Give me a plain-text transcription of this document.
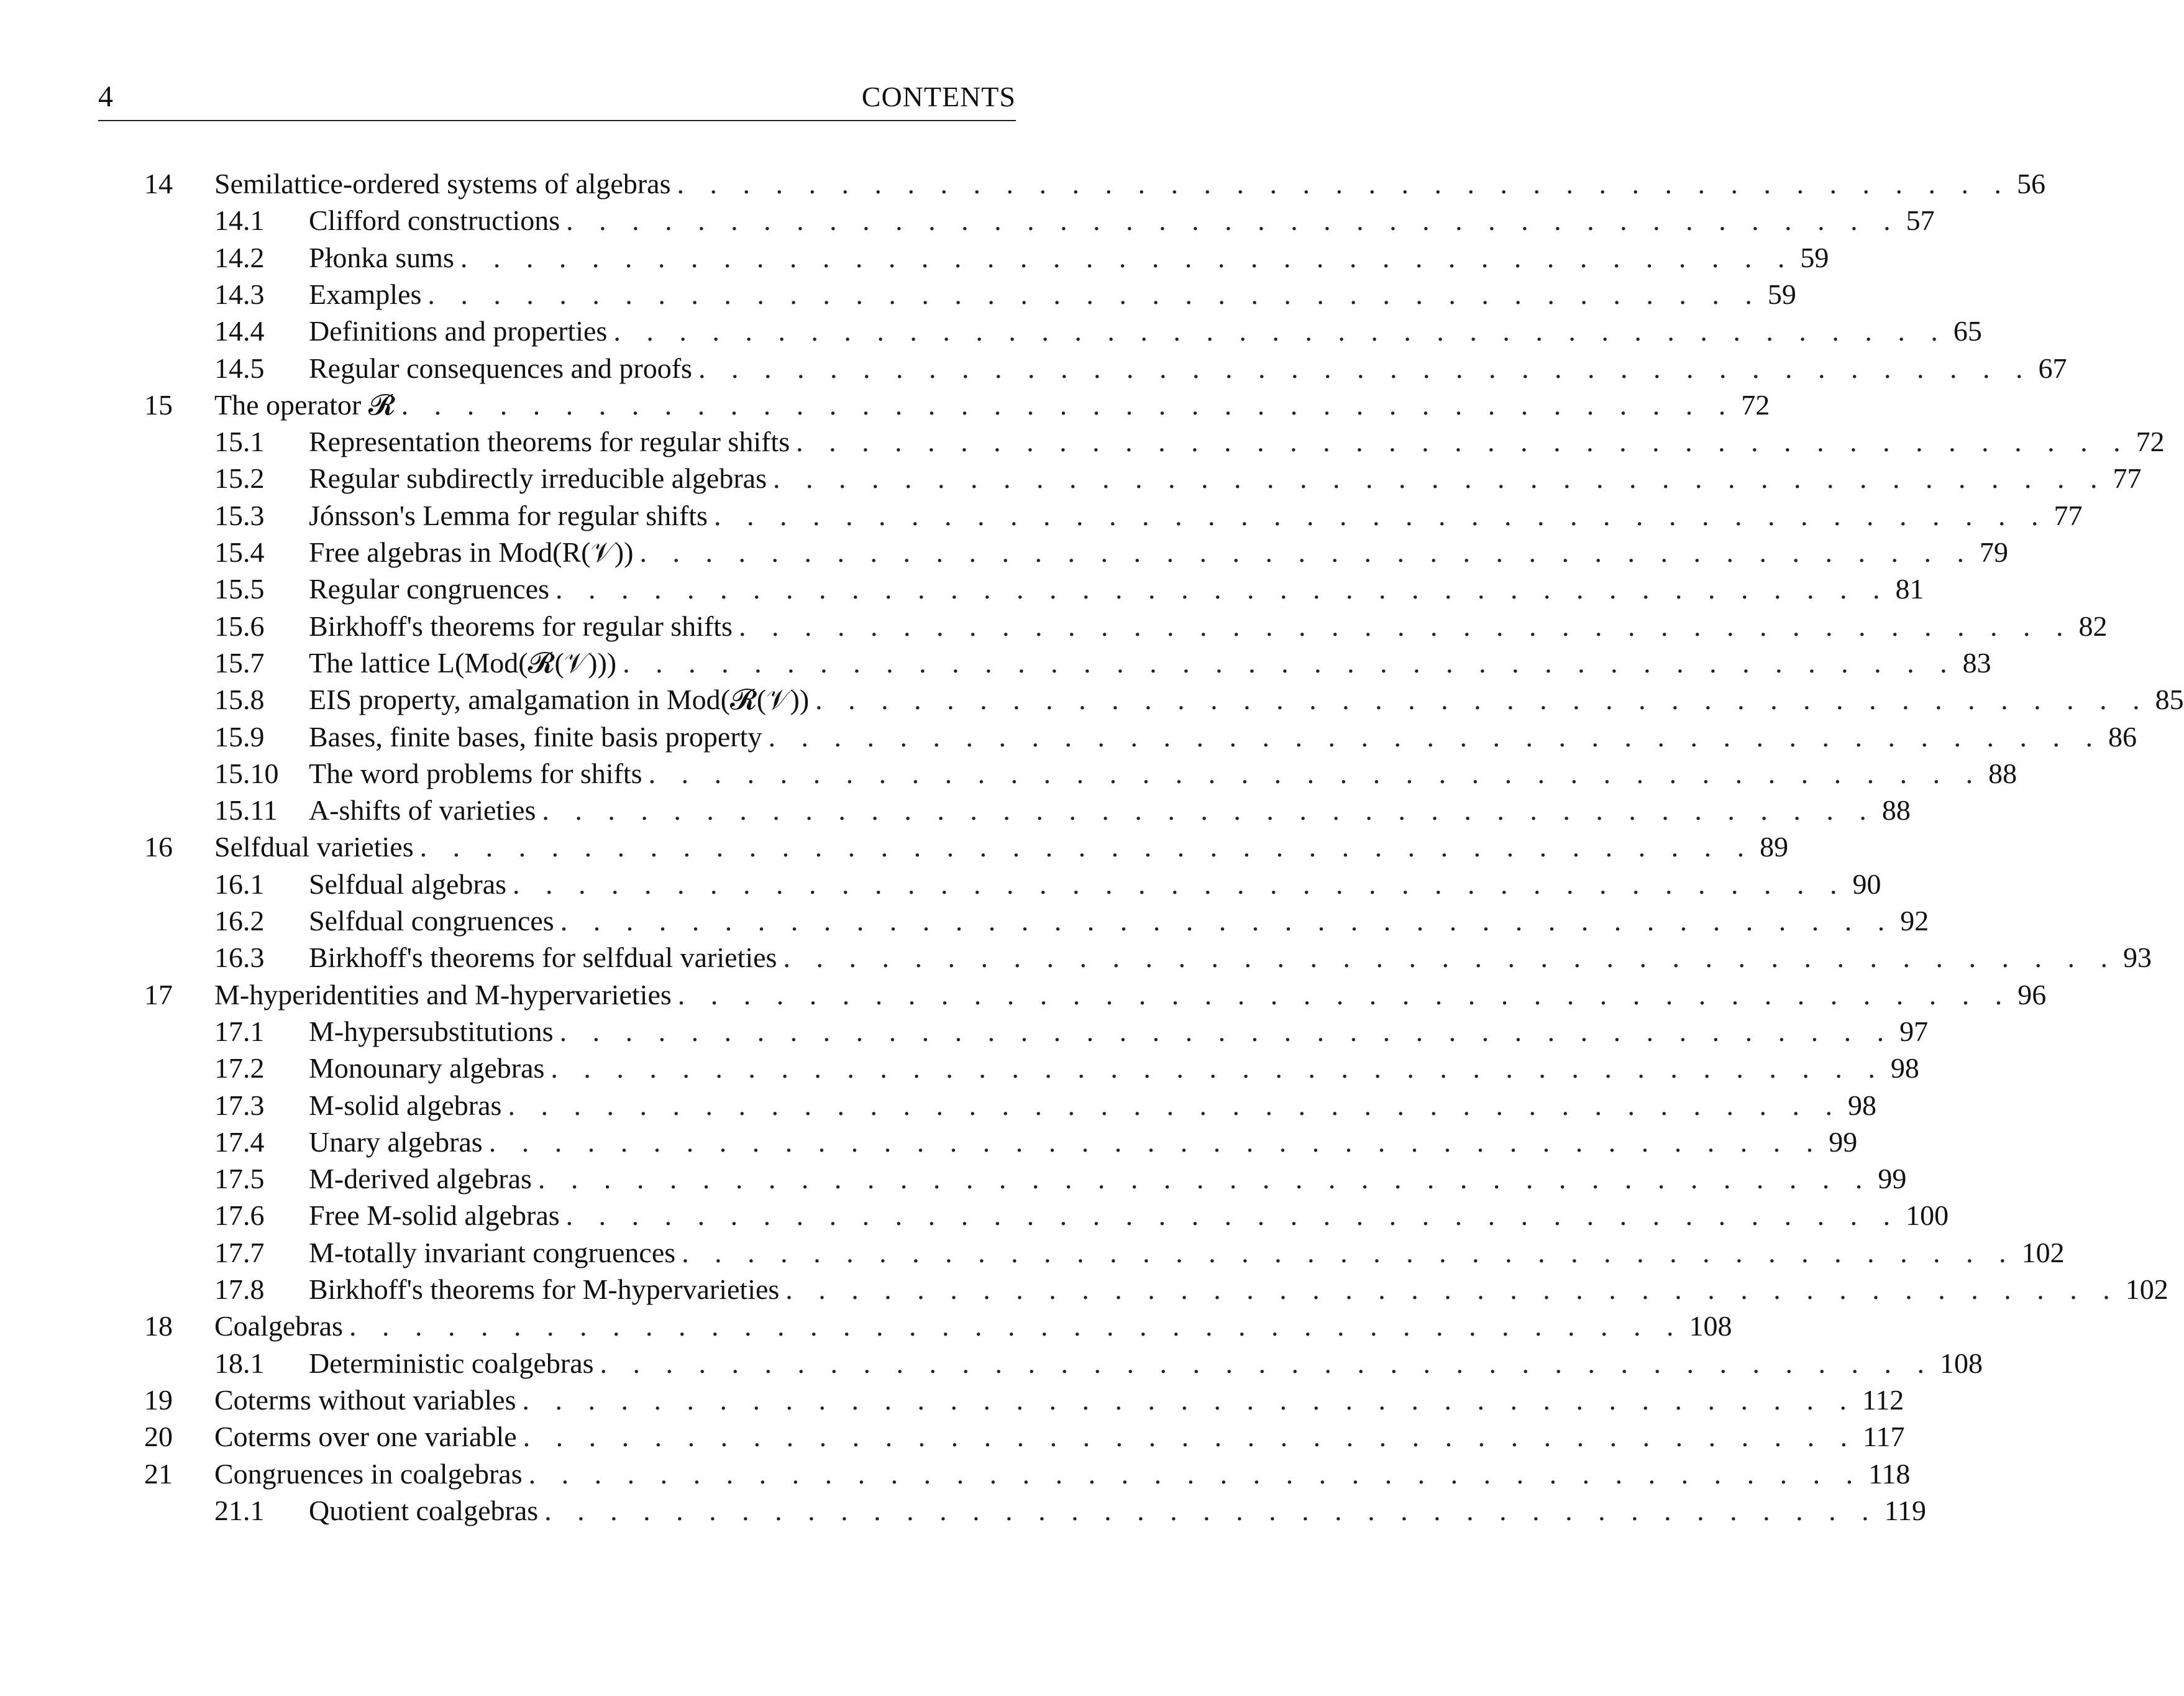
4	CONTENTS
14 Semilattice-ordered systems of algebras . . . . . . . . . . . . . . . . . . . . . . . . . . . . . . . . . . . . . . . . . 56
14.1 Clifford constructions . . . . . . . . . . . . . . . . . . . . . . . . . . . . . . . . . . . . . . . . . 57
14.2 Płonka sums . . . . . . . . . . . . . . . . . . . . . . . . . . . . . . . . . . . . . . . . . 59
14.3 Examples . . . . . . . . . . . . . . . . . . . . . . . . . . . . . . . . . . . . . . . . . 59
14.4 Definitions and properties . . . . . . . . . . . . . . . . . . . . . . . . . . . . . . . . . . . . . . . . . 65
14.5 Regular consequences and proofs . . . . . . . . . . . . . . . . . . . . . . . . . . . . . . . . . . . . . . . . . 67
15 The operator 𝓡 . . . . . . . . . . . . . . . . . . . . . . . . . . . . . . . . . . . . . . . . . 72
15.1 Representation theorems for regular shifts . . . . . . . . . . . . . . . . . . . . . . . . . . . . . . . . . . . . . . . . . 72
15.2 Regular subdirectly irreducible algebras . . . . . . . . . . . . . . . . . . . . . . . . . . . . . . . . . . . . . . . . . 77
15.3 Jónsson's Lemma for regular shifts . . . . . . . . . . . . . . . . . . . . . . . . . . . . . . . . . . . . . . . . . 77
15.4 Free algebras in Mod(R(𝒱)) . . . . . . . . . . . . . . . . . . . . . . . . . . . . . . . . . . . . . . . . . 79
15.5 Regular congruences . . . . . . . . . . . . . . . . . . . . . . . . . . . . . . . . . . . . . . . . . 81
15.6 Birkhoff's theorems for regular shifts . . . . . . . . . . . . . . . . . . . . . . . . . . . . . . . . . . . . . . . . . 82
15.7 The lattice L(Mod(𝓡(𝒱))) . . . . . . . . . . . . . . . . . . . . . . . . . . . . . . . . . . . . . . . . . 83
15.8 EIS property, amalgamation in Mod(𝓡(𝒱)) . . . . . . . . . . . . . . . . . . . . . . . . . . . . . . . . . . . . . . . . . 85
15.9 Bases, finite bases, finite basis property . . . . . . . . . . . . . . . . . . . . . . . . . . . . . . . . . . . . . . . . . 86
15.10 The word problems for shifts . . . . . . . . . . . . . . . . . . . . . . . . . . . . . . . . . . . . . . . . . 88
15.11 A-shifts of varieties . . . . . . . . . . . . . . . . . . . . . . . . . . . . . . . . . . . . . . . . . 88
16 Selfdual varieties . . . . . . . . . . . . . . . . . . . . . . . . . . . . . . . . . . . . . . . . . 89
16.1 Selfdual algebras . . . . . . . . . . . . . . . . . . . . . . . . . . . . . . . . . . . . . . . . . 90
16.2 Selfdual congruences . . . . . . . . . . . . . . . . . . . . . . . . . . . . . . . . . . . . . . . . . 92
16.3 Birkhoff's theorems for selfdual varieties . . . . . . . . . . . . . . . . . . . . . . . . . . . . . . . . . . . . . . . . . 93
17 M-hyperidentities and M-hypervarieties . . . . . . . . . . . . . . . . . . . . . . . . . . . . . . . . . . . . . . . . . 96
17.1 M-hypersubstitutions . . . . . . . . . . . . . . . . . . . . . . . . . . . . . . . . . . . . . . . . . 97
17.2 Monounary algebras . . . . . . . . . . . . . . . . . . . . . . . . . . . . . . . . . . . . . . . . . 98
17.3 M-solid algebras . . . . . . . . . . . . . . . . . . . . . . . . . . . . . . . . . . . . . . . . . 98
17.4 Unary algebras . . . . . . . . . . . . . . . . . . . . . . . . . . . . . . . . . . . . . . . . . 99
17.5 M-derived algebras . . . . . . . . . . . . . . . . . . . . . . . . . . . . . . . . . . . . . . . . . 99
17.6 Free M-solid algebras . . . . . . . . . . . . . . . . . . . . . . . . . . . . . . . . . . . . . . . . . 100
17.7 M-totally invariant congruences . . . . . . . . . . . . . . . . . . . . . . . . . . . . . . . . . . . . . . . . . 102
17.8 Birkhoff's theorems for M-hypervarieties . . . . . . . . . . . . . . . . . . . . . . . . . . . . . . . . . . . . . . . . . 102
18 Coalgebras . . . . . . . . . . . . . . . . . . . . . . . . . . . . . . . . . . . . . . . . . 108
18.1 Deterministic coalgebras . . . . . . . . . . . . . . . . . . . . . . . . . . . . . . . . . . . . . . . . . 108
19 Coterms without variables . . . . . . . . . . . . . . . . . . . . . . . . . . . . . . . . . . . . . . . . . 112
20 Coterms over one variable . . . . . . . . . . . . . . . . . . . . . . . . . . . . . . . . . . . . . . . . . 117
21 Congruences in coalgebras . . . . . . . . . . . . . . . . . . . . . . . . . . . . . . . . . . . . . . . . . 118
21.1 Quotient coalgebras . . . . . . . . . . . . . . . . . . . . . . . . . . . . . . . . . . . . . . . . . 119
